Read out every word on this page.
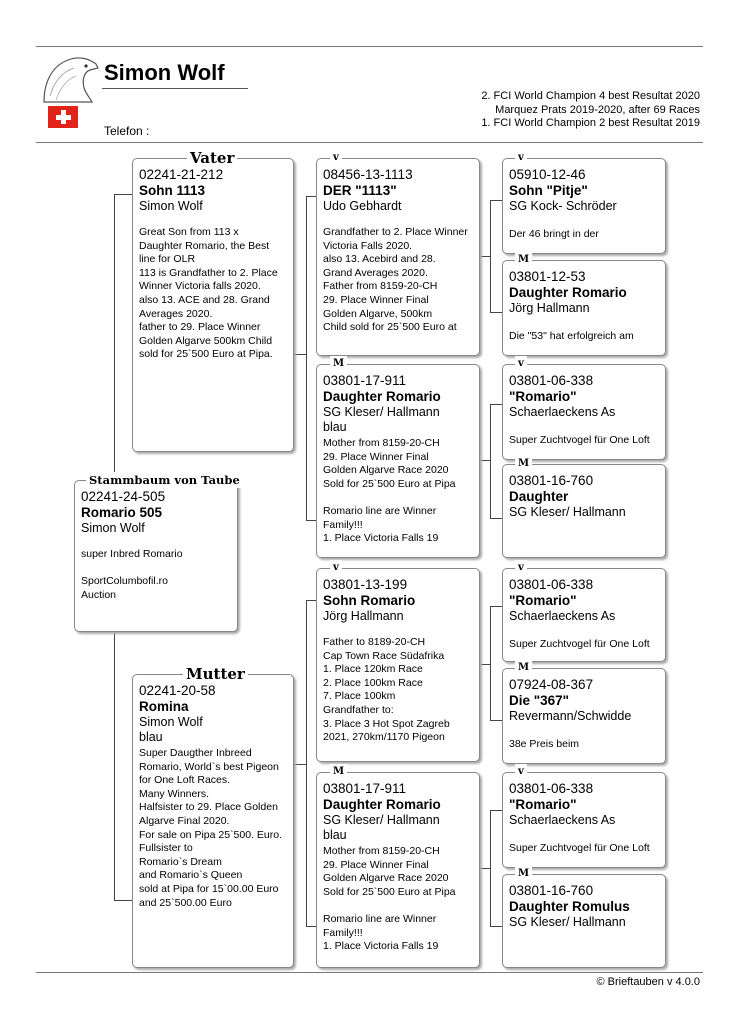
Simon Wolf
Telefon :
2. FCI World Champion 4 best Resultat 2020
Marquez Prats 2019-2020, after 69 Races
1. FCI World Champion 2 best Resultat 2019
02241-24-505
Romario 505
Simon Wolf
super Inbred Romario

SportColumbofil.ro
Auction
Stammbaum von Taube
02241-21-212
Sohn 1113
Simon Wolf
Great Son from 113 x
Daughter Romario, the Best
line for OLR
113 is Grandfather to 2. Place
Winner Victoria falls 2020.
also 13. ACE and 28. Grand
Averages 2020.
father to 29. Place Winner
Golden Algarve 500km Child
sold for 25`500 Euro at Pipa.
Vater
02241-20-58
Romina
Simon Wolf
blau
Super Daugther Inbreed
Romario, World`s best Pigeon
for One Loft Races.
Many Winners.
Halfsister to 29. Place Golden
Algarve Final 2020.
For sale on Pipa 25`500. Euro.
Fullsister to
Romario`s Dream
and Romario`s Queen
sold at Pipa for 15`00.00 Euro
and 25`500.00 Euro
Mutter
08456-13-1113
DER "1113"
Udo Gebhardt
Grandfather to 2. Place Winner
Victoria Falls 2020.
also 13. Acebird and 28.
Grand Averages 2020.
Father from 8159-20-CH
29. Place Winner Final
Golden Algarve, 500km
Child sold for 25`500 Euro at
v
03801-17-911
Daughter Romario
SG Kleser/ Hallmann
blau
Mother from 8159-20-CH
29. Place Winner Final
Golden Algarve Race 2020
Sold for 25`500 Euro at Pipa

Romario line are Winner
Family!!!
1. Place Victoria Falls 19
M
03801-13-199
Sohn Romario
Jörg Hallmann
Father to 8189-20-CH
Cap Town Race Südafrika
1. Place 120km Race
2. Place 100km Race
7. Place 100km
Grandfather to:
3. Place 3 Hot Spot Zagreb
2021, 270km/1170 Pigeon
v
03801-17-911
Daughter Romario
SG Kleser/ Hallmann
blau
Mother from 8159-20-CH
29. Place Winner Final
Golden Algarve Race 2020
Sold for 25`500 Euro at Pipa

Romario line are Winner
Family!!!
1. Place Victoria Falls 19
M
05910-12-46
Sohn "Pitje"
SG Kock- Schröder
Der 46 bringt in der
v
03801-12-53
Daughter Romario
Jörg Hallmann
Die "53" hat erfolgreich am
M
03801-06-338
"Romario"
Schaerlaeckens As
Super Zuchtvogel für One Loft
v
03801-16-760
Daughter
SG Kleser/ Hallmann
M
03801-06-338
"Romario"
Schaerlaeckens As
Super Zuchtvogel für One Loft
v
07924-08-367
Die "367"
Revermann/Schwidde
38e Preis beim
M
03801-06-338
"Romario"
Schaerlaeckens As
Super Zuchtvogel für One Loft
v
03801-16-760
Daughter Romulus
SG Kleser/ Hallmann
M
© Brieftauben v 4.0.0
